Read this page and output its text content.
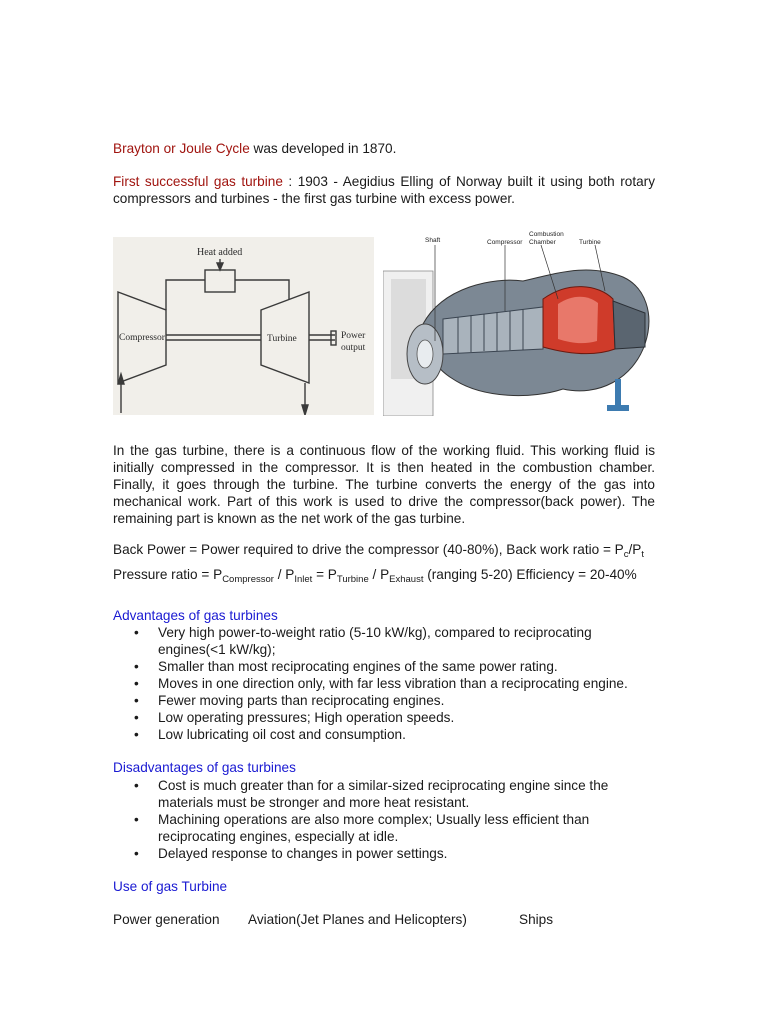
Brayton or Joule Cycle was developed in 1870.
First successful gas turbine : 1903 - Aegidius Elling of Norway built it using both rotary compressors and turbines - the first gas turbine with excess power.
Heat added
Compressor	Turbine	Power
output
Shaft	Compressor
Combustion
Chamber	Turbine
In the gas turbine, there is a continuous flow of the working fluid. This working fluid is initially compressed in the compressor. It is then heated in the combustion chamber. Finally, it goes through the turbine. The turbine converts the energy of the gas into mechanical work. Part of this work is used to drive the compressor(back power). The remaining part is known as the net work of the gas turbine.
Back Power = Power required to drive the compressor (40-80%), Back work ratio = $P_c/P_t$
Pressure ratio = $P_{Compressor} / P_{Inlet} = P_{Turbine} / P_{Exhaust}$ (ranging 5-20) Efficiency = 20-40%
Advantages of gas turbines
• Very high power-to-weight ratio (5-10 kW/kg), compared to reciprocating engines(<1 kW/kg);
• Smaller than most reciprocating engines of the same power rating.
• Moves in one direction only, with far less vibration than a reciprocating engine.
• Fewer moving parts than reciprocating engines.
• Low operating pressures; High operation speeds.
• Low lubricating oil cost and consumption.
Disadvantages of gas turbines
• Cost is much greater than for a similar-sized reciprocating engine since the materials must be stronger and more heat resistant.
• Machining operations are also more complex; Usually less efficient than reciprocating engines, especially at idle.
• Delayed response to changes in power settings.
Use of gas Turbine
Power generation Aviation(Jet Planes and Helicopters)	Ships
